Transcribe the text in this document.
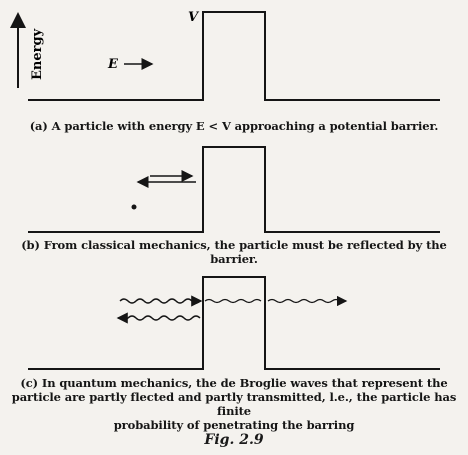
Energy
V
E
(a) A particle with energy E < V approaching a potential barrier.
(b) From classical mechanics, the particle must be reflected by the barrier.
(c) In quantum mechanics, the de Broglie waves that represent the
particle are partly flected and partly transmitted, l.e., the particle has finite
probability of penetrating the barring
Fig. 2.9
